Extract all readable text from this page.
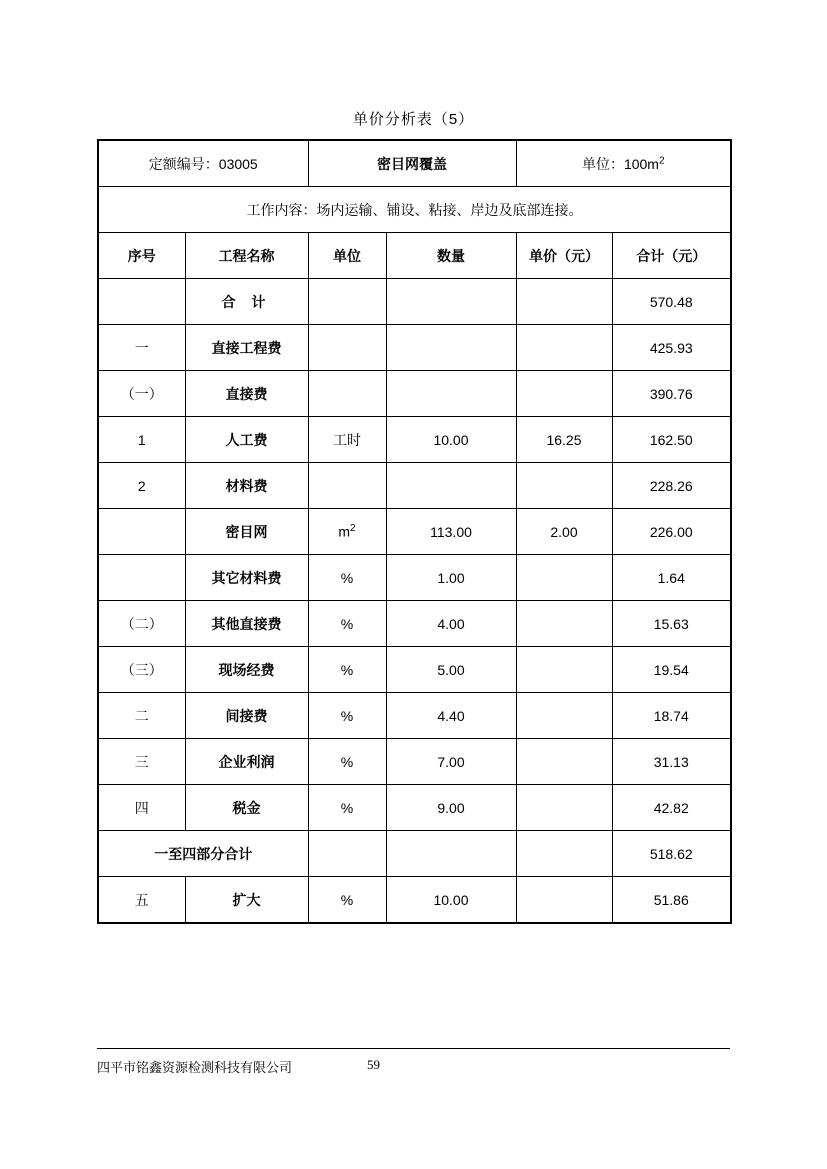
单价分析表（5）
定额编号：03005		密目网覆盖		单位：$100m^2$
工作内容：场内运输、铺设、粘接、岸边及底部连接。					
序号	工程名称	单位	数量	单价（元）	合计（元）
	合 计				570.48
一	直接工程费				425.93
（一）	直接费				390.76
1	人工费	工时	10.00	16.25	162.50
2	材料费				228.26
	密目网	$m^2$	113.00	2.00	226.00
	其它材料费	%	1.00		1.64
（二）	其他直接费	%	4.00		15.63
（三）	现场经费	%	5.00		19.54
二	间接费	%	4.40		18.74
三	企业利润	%	7.00		31.13
四	税金	%	9.00		42.82
一至四部分合计					518.62
五	扩大	%	10.00		51.86
四平市铭鑫资源检测科技有限公司	59
